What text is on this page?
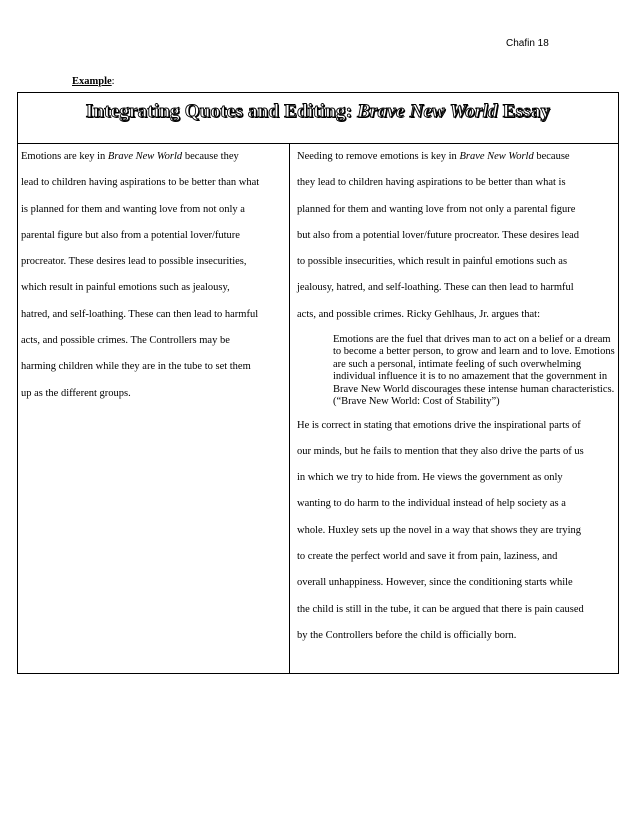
Chafin 18
Example:
Integrating Quotes and Editing: Brave New World Essay
Emotions are key in Brave New World because they
lead to children having aspirations to be better than what
is planned for them and wanting love from not only a
parental figure but also from a potential lover/future
procreator. These desires lead to possible insecurities,
which result in painful emotions such as jealousy,
hatred, and self-loathing. These can then lead to harmful
acts, and possible crimes. The Controllers may be
harming children while they are in the tube to set them
up as the different groups.
Needing to remove emotions is key in Brave New World because
they lead to children having aspirations to be better than what is
planned for them and wanting love from not only a parental figure
but also from a potential lover/future procreator. These desires lead
to possible insecurities, which result in painful emotions such as
jealousy, hatred, and self-loathing. These can then lead to harmful
acts, and possible crimes. Ricky Gehlhaus, Jr. argues that:
Emotions are the fuel that drives man to act on a belief or a dream to become a better person, to grow and learn and to love. Emotions are such a personal, intimate feeling of such overwhelming individual influence it is to no amazement that the government in Brave New World discourages these intense human characteristics. (“Brave New World: Cost of Stability”)
He is correct in stating that emotions drive the inspirational parts of
our minds, but he fails to mention that they also drive the parts of us
in which we try to hide from. He views the government as only
wanting to do harm to the individual instead of help society as a
whole. Huxley sets up the novel in a way that shows they are trying
to create the perfect world and save it from pain, laziness, and
overall unhappiness. However, since the conditioning starts while
the child is still in the tube, it can be argued that there is pain caused
by the Controllers before the child is officially born.
